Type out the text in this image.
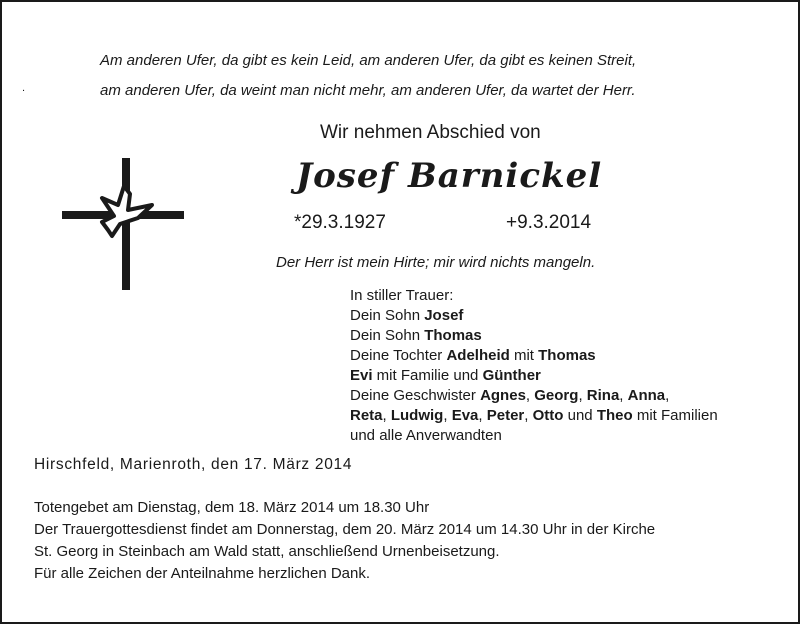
Am anderen Ufer, da gibt es kein Leid, am anderen Ufer, da gibt es keinen Streit,
am anderen Ufer, da weint man nicht mehr, am anderen Ufer, da wartet der Herr.
.
Wir nehmen Abschied von
Josef Barnickel
*29.3.1927	+9.3.2014
Der Herr ist mein Hirte; mir wird nichts mangeln.
In stiller Trauer:
Dein Sohn Josef
Dein Sohn Thomas
Deine Tochter Adelheid mit Thomas
Evi mit Familie und Günther
Deine Geschwister Agnes, Georg, Rina, Anna,
Reta, Ludwig, Eva, Peter, Otto und Theo mit Familien
und alle Anverwandten
Hirschfeld, Marienroth, den 17. März 2014
Totengebet am Dienstag, dem 18. März 2014 um 18.30 Uhr
Der Trauergottesdienst findet am Donnerstag, dem 20. März 2014 um 14.30 Uhr in der Kirche
St. Georg in Steinbach am Wald statt, anschließend Urnenbeisetzung.
Für alle Zeichen der Anteilnahme herzlichen Dank.
